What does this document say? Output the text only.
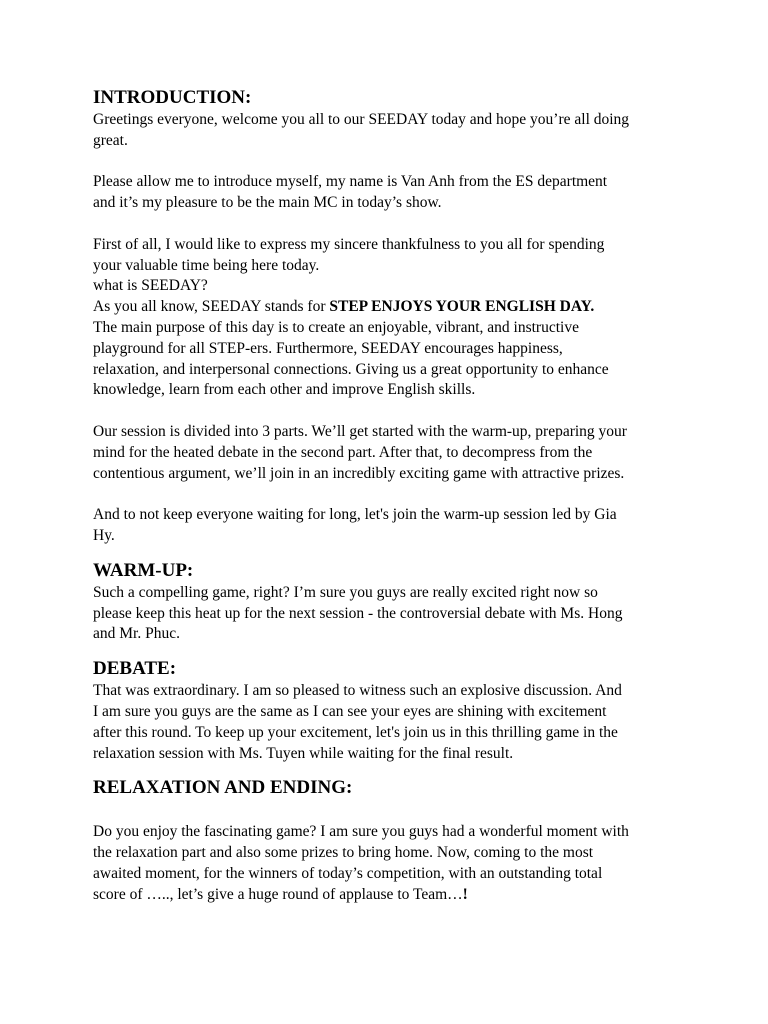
INTRODUCTION:

Greetings everyone, welcome you all to our SEEDAY today and hope you’re all doing
great.

Please allow me to introduce myself, my name is Van Anh from the ES department
and it’s my pleasure to be the main MC in today’s show.

First of all, I would like to express my sincere thankfulness to you all for spending
your valuable time being here today.

what is SEEDAY?

As you all know, SEEDAY stands for STEP ENJOYS YOUR ENGLISH DAY.

The main purpose of this day is to create an enjoyable, vibrant, and instructive
playground for all STEP-ers. Furthermore, SEEDAY encourages happiness,
relaxation, and interpersonal connections. Giving us a great opportunity to enhance
knowledge, learn from each other and improve English skills.

Our session is divided into 3 parts. We’ll get started with the warm-up, preparing your
mind for the heated debate in the second part. After that, to decompress from the
contentious argument, we’ll join in an incredibly exciting game with attractive prizes.

And to not keep everyone waiting for long, let's join the warm-up session led by Gia
Hy.

WARM-UP:

Such a compelling game, right? I’m sure you guys are really excited right now so
please keep this heat up for the next session - the controversial debate with Ms. Hong
and Mr. Phuc.

DEBATE:

That was extraordinary. I am so pleased to witness such an explosive discussion. And
I am sure you guys are the same as I can see your eyes are shining with excitement
after this round. To keep up your excitement, let's join us in this thrilling game in the
relaxation session with Ms. Tuyen while waiting for the final result.

RELAXATION AND ENDING:

Do you enjoy the fascinating game? I am sure you guys had a wonderful moment with
the relaxation part and also some prizes to bring home. Now, coming to the most
awaited moment, for the winners of today’s competition, with an outstanding total
score of ….., let’s give a huge round of applause to Team…!
